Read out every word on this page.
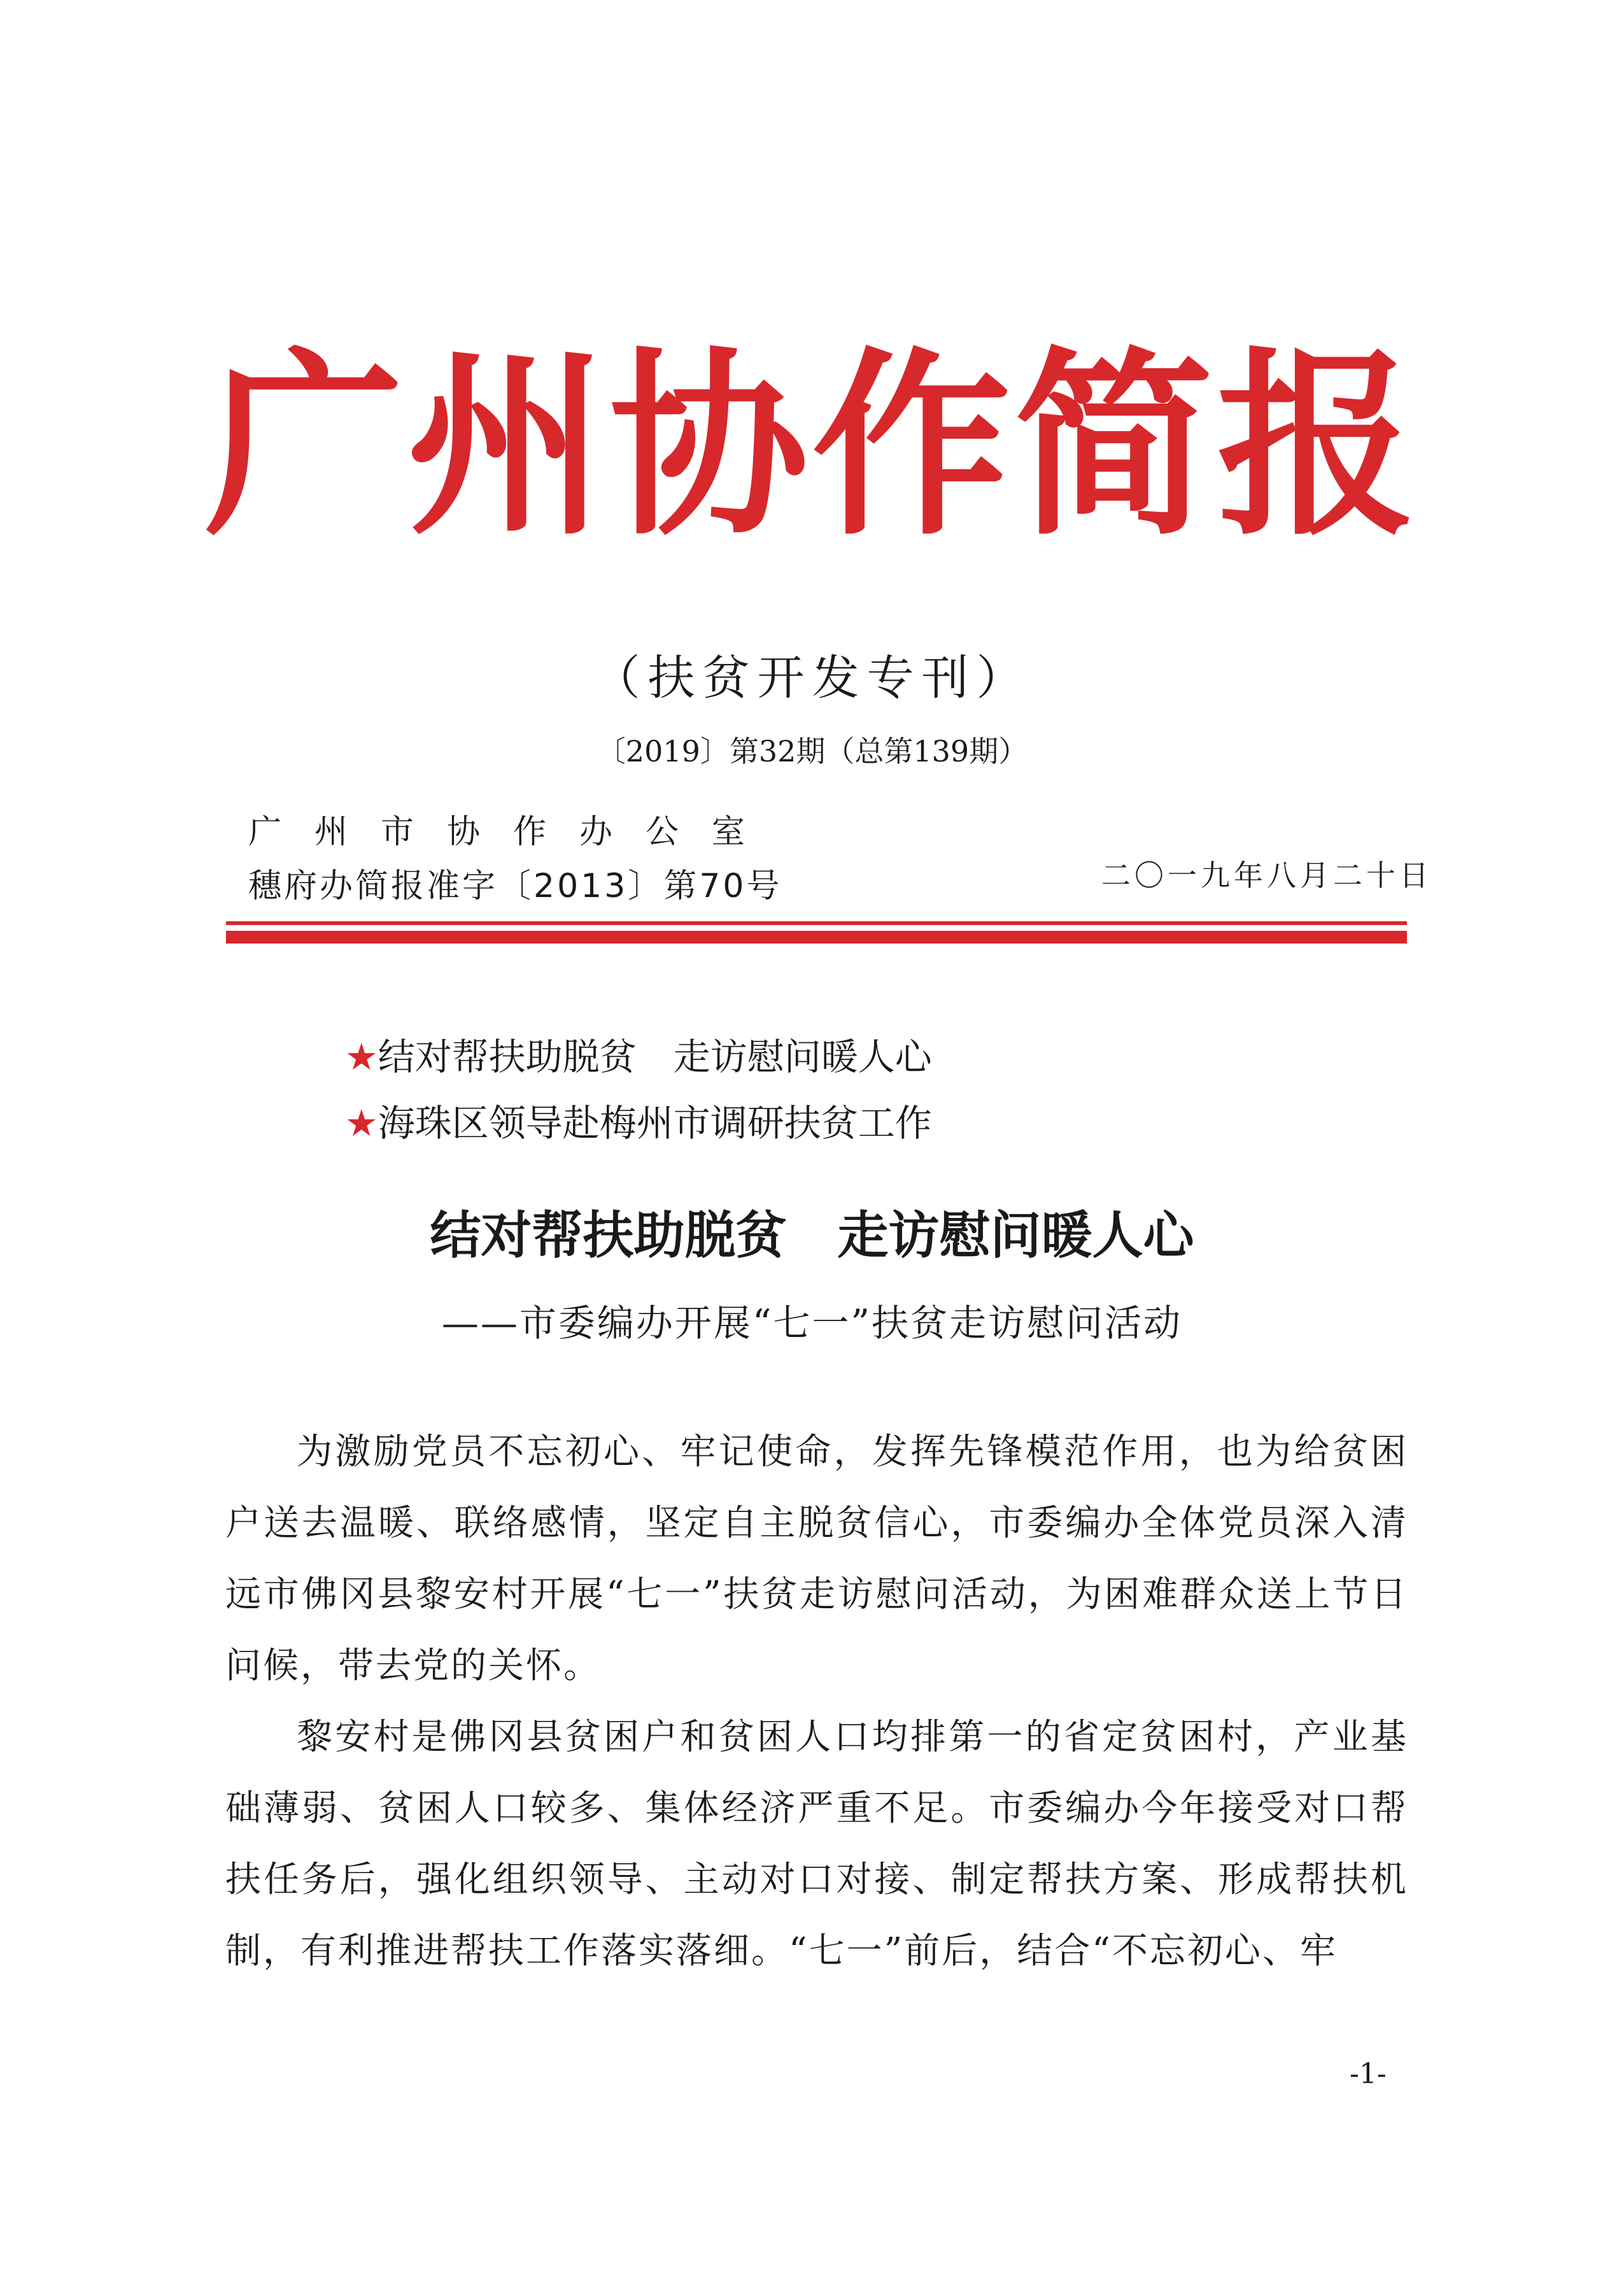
广州协作简报
（扶贫开发专刊）
〔2019〕第32期（总第139期）
广州市协作办公室
穗府办简报准字〔2013〕第70号	二〇一九年八月二十日

★结对帮扶助脱贫　走访慰问暖人心

★海珠区领导赴梅州市调研扶贫工作

结对帮扶助脱贫　走访慰问暖人心
——市委编办开展“七一”扶贫走访慰问活动

为激励党员不忘初心、牢记使命，发挥先锋模范作用，也为给贫困户送去温暖、联络感情，坚定自主脱贫信心，市委编办全体党员深入清远市佛冈县黎安村开展“七一”扶贫走访慰问活动，为困难群众送上节日问候，带去党的关怀。

黎安村是佛冈县贫困户和贫困人口均排第一的省定贫困村，产业基础薄弱、贫困人口较多、集体经济严重不足。市委编办今年接受对口帮扶任务后，强化组织领导、主动对口对接、制定帮扶方案、形成帮扶机制，有利推进帮扶工作落实落细。“七一”前后，结合“不忘初心、牢

-1-
